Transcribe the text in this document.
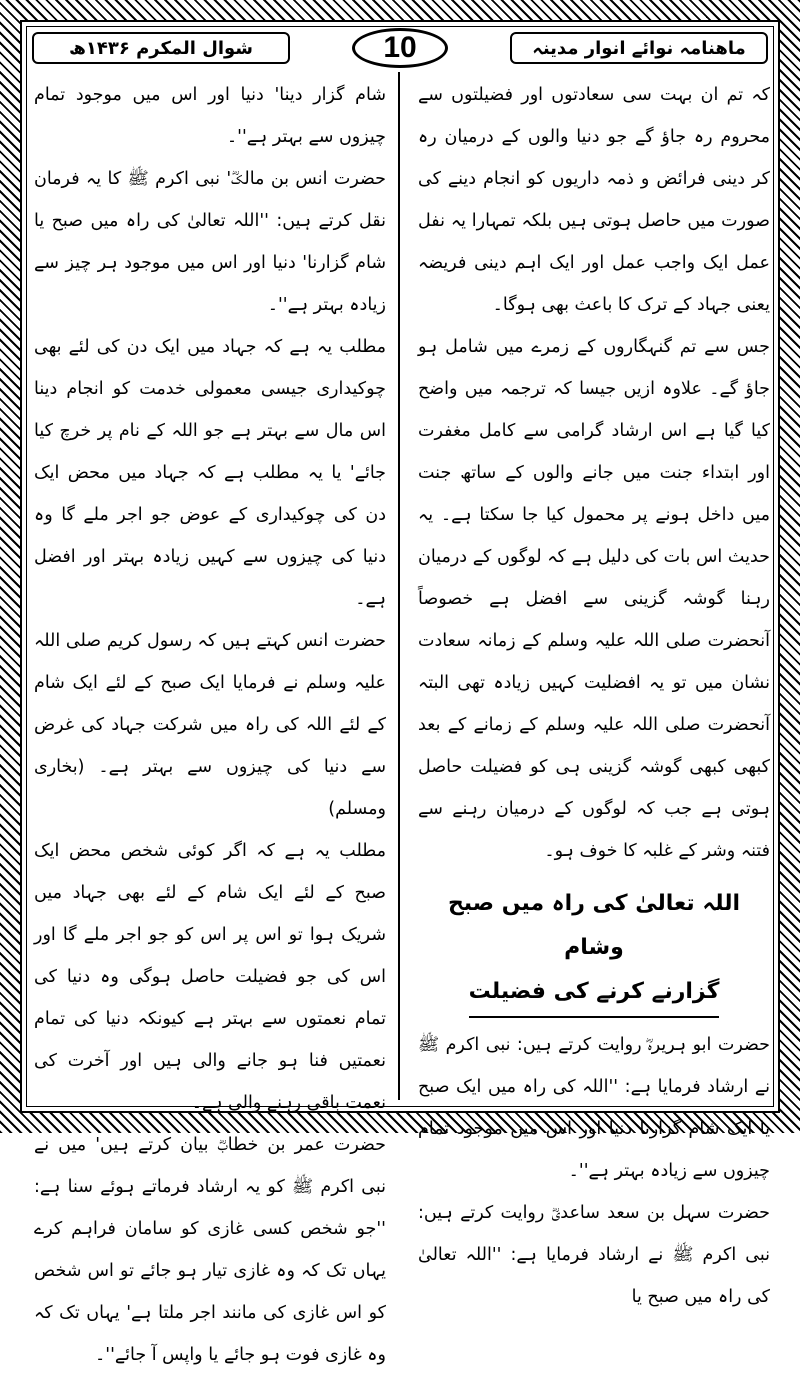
ماھنامہ نوائے انوار مدینہ
10
شوال المکرم ۱۴۳۶ھ

کہ تم ان بہت سی سعادتوں اور فضیلتوں سے محروم رہ جاؤ گے جو دنیا والوں کے درمیان رہ کر دینی فرائض و ذمہ داریوں کو انجام دینے کی صورت میں حاصل ہوتی ہیں بلکہ تمہارا یہ نفل عمل ایک واجب عمل اور ایک اہم دینی فریضہ یعنی جہاد کے ترک کا باعث بھی ہوگا۔

جس سے تم گنہگاروں کے زمرے میں شامل ہو جاؤ گے۔ علاوہ ازیں جیسا کہ ترجمہ میں واضح کیا گیا ہے اس ارشاد گرامی سے کامل مغفرت اور ابتداء جنت میں جانے والوں کے ساتھ جنت میں داخل ہونے پر محمول کیا جا سکتا ہے۔ یہ حدیث اس بات کی دلیل ہے کہ لوگوں کے درمیان رہنا گوشہ گزینی سے افضل ہے خصوصاً آنحضرت صلی اللہ علیہ وسلم کے زمانہ سعادت نشان میں تو یہ افضلیت کہیں زیادہ تھی البتہ آنحضرت صلی اللہ علیہ وسلم کے زمانے کے بعد کبھی کبھی گوشہ گزینی ہی کو فضیلت حاصل ہوتی ہے جب کہ لوگوں کے درمیان رہنے سے فتنہ وشر کے غلبہ کا خوف ہو۔

اللہ تعالیٰ کی راہ میں صبح وشام
گزارنے کرنے کی فضیلت

حضرت ابو ہریرہؓ روایت کرتے ہیں: نبی اکرم ﷺ نے ارشاد فرمایا ہے: ''اللہ کی راہ میں ایک صبح یا ایک شام گزارنا دنیا اور اس میں موجود تمام چیزوں سے زیادہ بہتر ہے''۔

حضرت سہل بن سعد ساعدیؓ روایت کرتے ہیں: نبی اکرم ﷺ نے ارشاد فرمایا ہے: ''اللہ تعالیٰ کی راہ میں صبح یا

شام گزار دینا' دنیا اور اس میں موجود تمام چیزوں سے بہتر ہے''۔

حضرت انس بن مالکؓ' نبی اکرم ﷺ کا یہ فرمان نقل کرتے ہیں: ''اللہ تعالیٰ کی راہ میں صبح یا شام گزارنا' دنیا اور اس میں موجود ہر چیز سے زیادہ بہتر ہے''۔

مطلب یہ ہے کہ جہاد میں ایک دن کی لئے بھی چوکیداری جیسی معمولی خدمت کو انجام دینا اس مال سے بہتر ہے جو اللہ کے نام پر خرچ کیا جائے' یا یہ مطلب ہے کہ جہاد میں محض ایک دن کی چوکیداری کے عوض جو اجر ملے گا وہ دنیا کی چیزوں سے کہیں زیادہ بہتر اور افضل ہے۔

حضرت انس کہتے ہیں کہ رسول کریم صلی اللہ علیہ وسلم نے فرمایا ایک صبح کے لئے ایک شام کے لئے اللہ کی راہ میں شرکت جہاد کی غرض سے دنیا کی چیزوں سے بہتر ہے۔ (بخاری ومسلم)

مطلب یہ ہے کہ اگر کوئی شخص محض ایک صبح کے لئے ایک شام کے لئے بھی جہاد میں شریک ہوا تو اس پر اس کو جو اجر ملے گا اور اس کی جو فضیلت حاصل ہوگی وہ دنیا کی تمام نعمتوں سے بہتر ہے کیونکہ دنیا کی تمام نعمتیں فنا ہو جانے والی ہیں اور آخرت کی نعمت باقی رہنے والی ہے۔

حضرت عمر بن خطابؓ بیان کرتے ہیں' میں نے نبی اکرم ﷺ کو یہ ارشاد فرماتے ہوئے سنا ہے: ''جو شخص کسی غازی کو سامان فراہم کرے یہاں تک کہ وہ غازی تیار ہو جائے تو اس شخص کو اس غازی کی مانند اجر ملتا ہے' یہاں تک کہ وہ غازی فوت ہو جائے یا واپس آ جائے''۔
